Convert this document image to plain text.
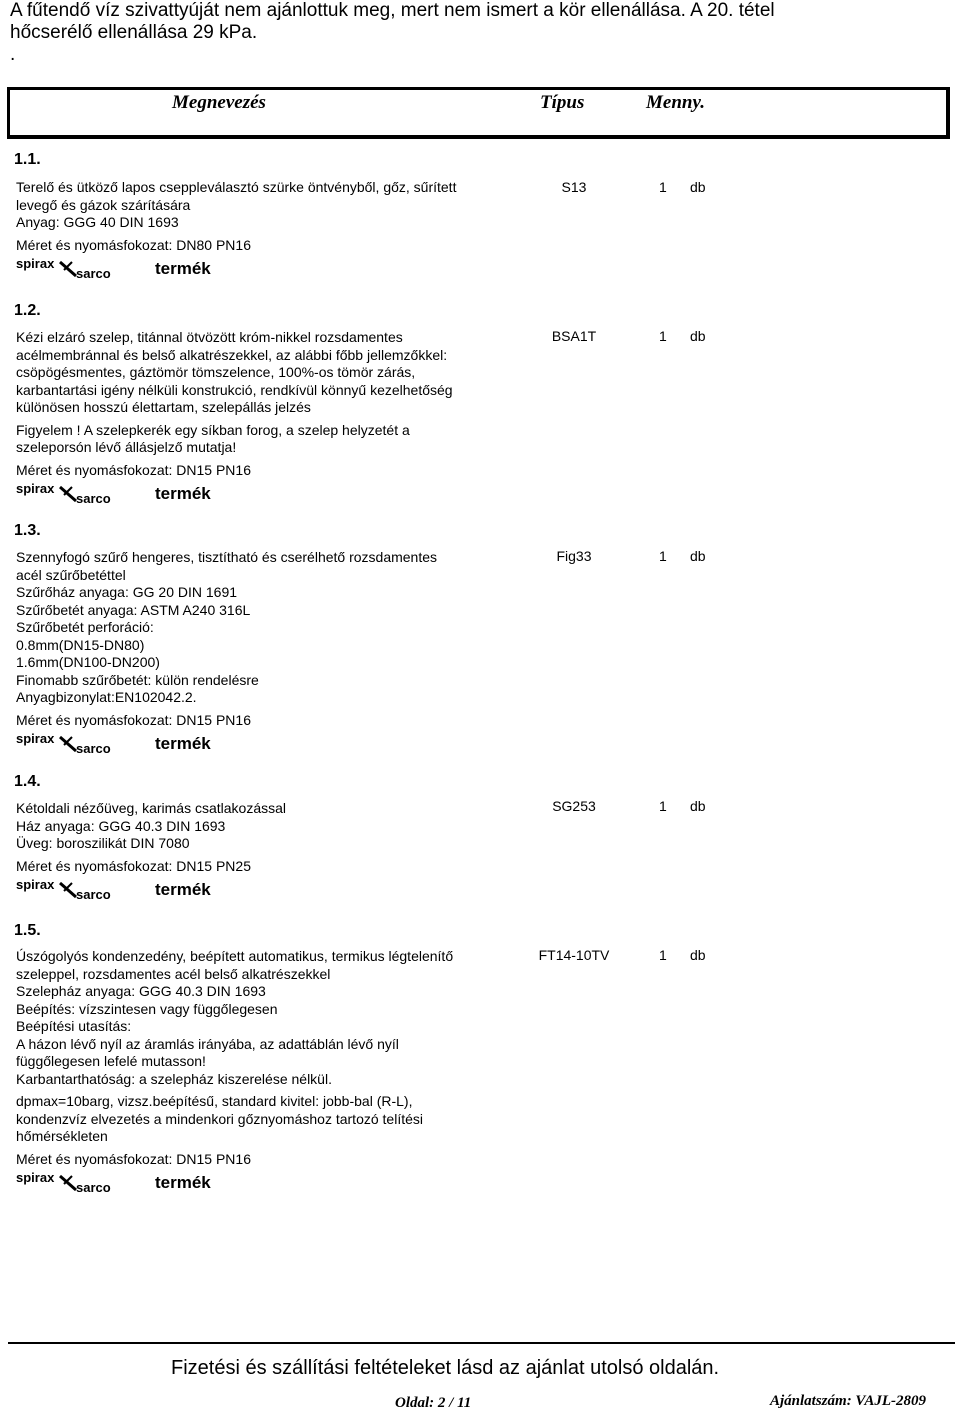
A fűtendő víz szivattyúját nem ajánlottuk meg, mert nem ismert a kör ellenállása. A 20. tétel
hőcserélő ellenállása 29 kPa.
.
Megnevezés	Típus	Menny.
1.1.
Terelő és ütköző lapos cseppleválasztó szürke öntvényből, gőz, sűrített
levegő és gázok szárítására
Anyag: GGG 40 DIN 1693
Méret és nyomásfokozat: DN80 PN16
spirax
sarco	termék
S13	1 db
1.2.
Kézi elzáró szelep, titánnal ötvözött króm-nikkel rozsdamentes
acélmembránnal és belső alkatrészekkel, az alábbi főbb jellemzőkkel:
csöpögésmentes, gáztömör tömszelence, 100%-os tömör zárás,
karbantartási igény nélküli konstrukció, rendkívül könnyű kezelhetőség
különösen hosszú élettartam, szelepállás jelzés
Figyelem ! A szelepkerék egy síkban forog, a szelep helyzetét a
szeleporsón lévő állásjelző mutatja!
Méret és nyomásfokozat: DN15 PN16
spirax
sarco	termék
BSA1T	1 db
1.3.
Szennyfogó szűrő hengeres, tisztítható és cserélhető rozsdamentes
acél szűrőbetéttel
Szűrőház anyaga: GG 20 DIN 1691
Szűrőbetét anyaga: ASTM A240 316L
Szűrőbetét perforáció:
0.8mm(DN15-DN80)
1.6mm(DN100-DN200)
Finomabb szűrőbetét: külön rendelésre
Anyagbizonylat:EN102042.2.
Méret és nyomásfokozat: DN15 PN16
spirax
sarco	termék
Fig33	1 db
1.4.
Kétoldali nézőüveg, karimás csatlakozással
Ház anyaga: GGG 40.3 DIN 1693
Üveg: boroszilikát DIN 7080
Méret és nyomásfokozat: DN15 PN25
spirax
sarco	termék
SG253	1 db
1.5.
Úszógolyós kondenzedény, beépített automatikus, termikus légtelenítő
szeleppel, rozsdamentes acél belső alkatrészekkel
Szelepház anyaga: GGG 40.3 DIN 1693
Beépítés: vízszintesen vagy függőlegesen
Beépítési utasítás:
A házon lévő nyíl az áramlás irányába, az adattáblán lévő nyíl
függőlegesen lefelé mutasson!
Karbantarthatóság: a szelepház kiszerelése nélkül.
dpmax=10barg, vizsz.beépítésű, standard kivitel: jobb-bal (R-L),
kondenzvíz elvezetés a mindenkori gőznyomáshoz tartozó telítési
hőmérsékleten
Méret és nyomásfokozat: DN15 PN16
spirax
sarco	termék
FT14-10TV	1 db
Fizetési és szállítási feltételeket lásd az ajánlat utolsó oldalán.
Oldal: 2 / 11	Ajánlatszám: VAJL-2809
